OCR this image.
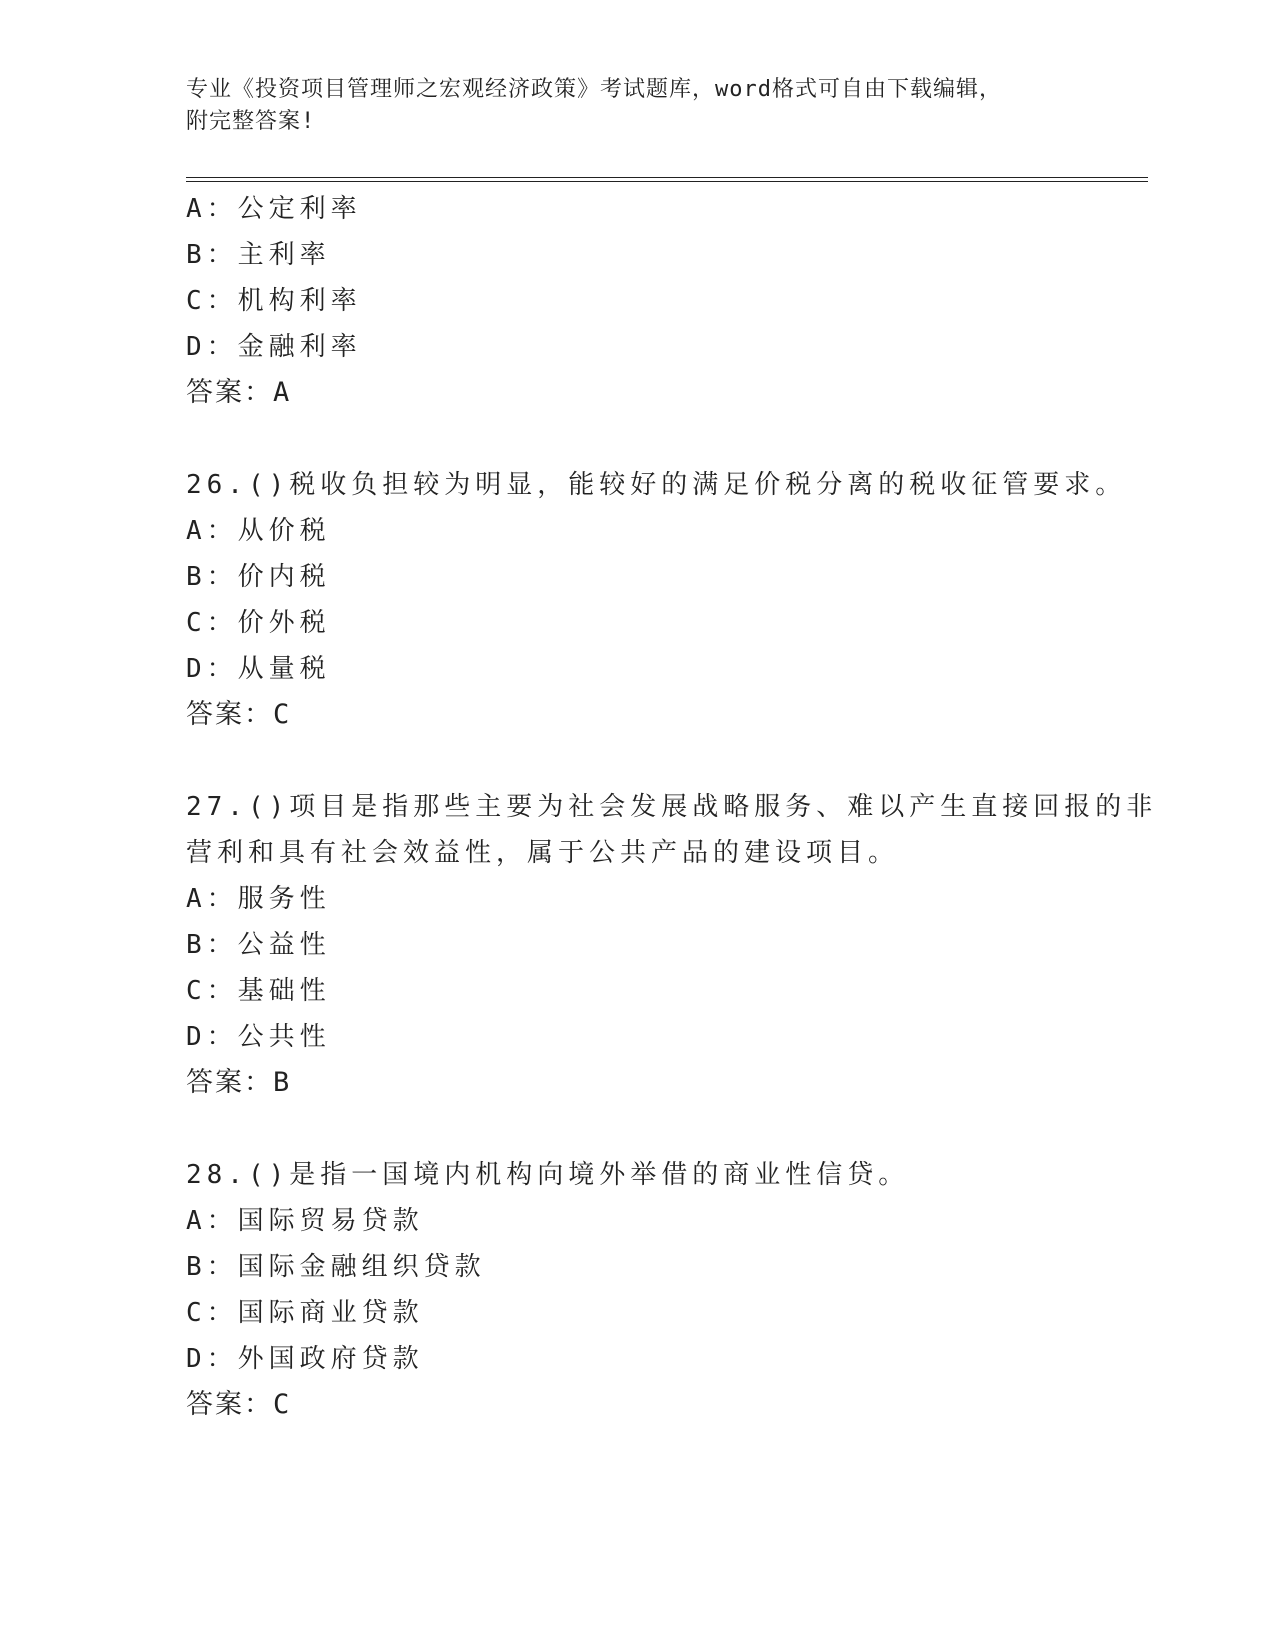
专业《投资项目管理师之宏观经济政策》考试题库，word格式可自由下载编辑，
附完整答案!
A：公定利率
B：主利率
C：机构利率
D：金融利率
答案：A
26.()税收负担较为明显，能较好的满足价税分离的税收征管要求。
A：从价税
B：价内税
C：价外税
D：从量税
答案：C
27.()项目是指那些主要为社会发展战略服务、难以产生直接回报的非
营利和具有社会效益性，属于公共产品的建设项目。
A：服务性
B：公益性
C：基础性
D：公共性
答案：B
28.()是指一国境内机构向境外举借的商业性信贷。
A：国际贸易贷款
B：国际金融组织贷款
C：国际商业贷款
D：外国政府贷款
答案：C
